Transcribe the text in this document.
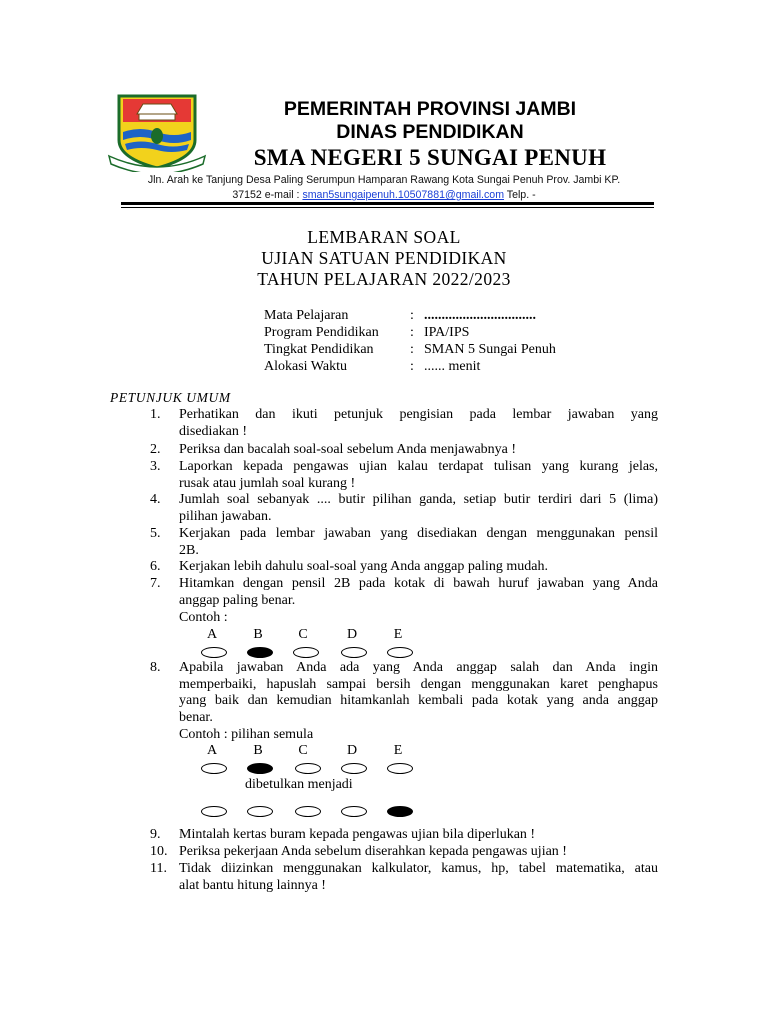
PEMERINTAH PROVINSI JAMBI
DINAS PENDIDIKAN
SMA NEGERI 5 SUNGAI PENUH
Jln. Arah ke Tanjung Desa Paling Serumpun Hamparan Rawang Kota Sungai Penuh Prov. Jambi KP.
37152 e-mail : sman5sungaipenuh.10507881@gmail.com Telp. -
LEMBARAN SOAL
UJIAN SATUAN PENDIDIKAN
TAHUN PELAJARAN 2022/2023
Mata Pelajaran	: ................................
Program Pendidikan	: IPA/IPS
Tingkat Pendidikan	: SMAN 5 Sungai Penuh
Alokasi Waktu	: ...... menit
PETUNJUK UMUM
1.	Perhatikan dan ikuti petunjuk pengisian pada lembar jawaban yang
disediakan !
2.	Periksa dan bacalah soal-soal sebelum Anda menjawabnya !
3.	Laporkan kepada pengawas ujian kalau terdapat tulisan yang kurang jelas,
rusak atau jumlah soal kurang !
4.	Jumlah soal sebanyak .... butir pilihan ganda, setiap butir terdiri dari 5 (lima)
pilihan jawaban.
5.	Kerjakan pada lembar jawaban yang disediakan dengan menggunakan pensil
2B.
6.	Kerjakan lebih dahulu soal-soal yang Anda anggap paling mudah.
7.	Hitamkan dengan pensil 2B pada kotak di bawah huruf jawaban yang Anda
anggap paling benar.
Contoh :
A	B	C	D	E
8.	Apabila jawaban Anda ada yang Anda anggap salah dan Anda ingin
memperbaiki, hapuslah sampai bersih dengan menggunakan karet penghapus
yang baik dan kemudian hitamkanlah kembali pada kotak yang anda anggap
benar.
Contoh : pilihan semula
A	B	C	D	E
dibetulkan menjadi
9.	Mintalah kertas buram kepada pengawas ujian bila diperlukan !
10. Periksa pekerjaan Anda sebelum diserahkan kepada pengawas ujian !
11. Tidak diizinkan menggunakan kalkulator, kamus, hp, tabel matematika, atau
alat bantu hitung lainnya !
